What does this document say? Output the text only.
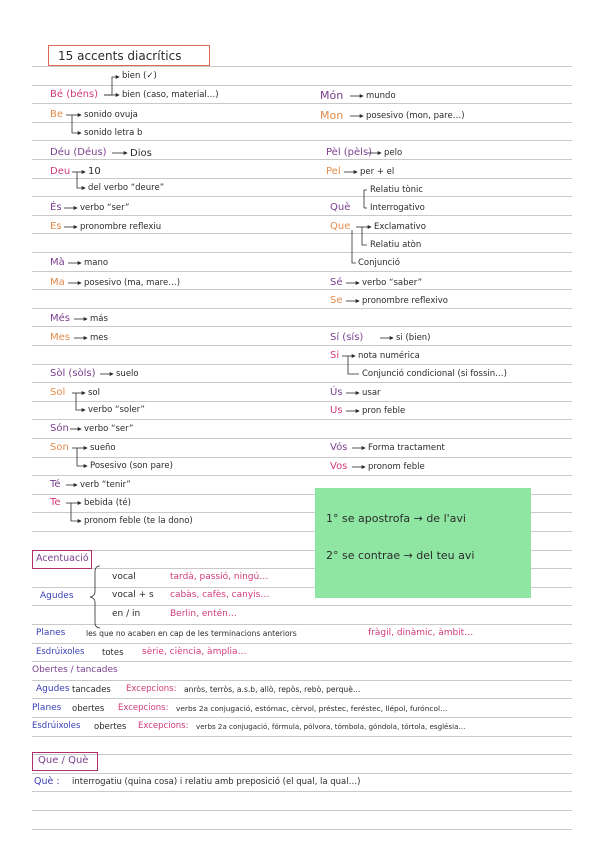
15 accents diacrítics
Bé (béns)	bien (caso, material…)
bien (✓)
Be sonido ovuja
sonido letra b
Déu (Déus) Dios
Deu 10
del verbo “deure”
És verbo “ser”
Es pronombre reflexiu
Mà mano
Ma posesivo (ma, mare…)
Més más
Mes mes
Sòl (sòls) suelo
Sol	sol
verbo “soler”
Són verbo “ser”
Son sueño
Posesivo (son pare)
Té verb “tenir”
Te	bebida (té)
pronom feble (te la dono)
Món	mundo
Mon	posesivo (mon, pare…)
Pèl (pèls) pelo
Pel per + el
Què
Relatiu tònic
Interrogativo
Que	Exclamativo
Relatiu atòn
Conjunció
Sé verbo “saber”
Se pronombre reflexivo
Sí (sís)	si (bien)
Si nota numérica
Conjunció condicional (si fossin…)
Ús usar
Us pron feble
Vós Forma tractament
Vos pronom feble
1° se apostrofa → de l'avi
2° se contrae → del teu avi
Acentuació
Agudes
vocal	tardà, passió, ningú…
vocal + s cabàs, cafès, canyis…
en / in	Berlin, entén…
Planes	les que no acaben en cap de les terminacions anteriors	fràgil, dinàmic, àmbit…
Esdrúixoles totes sèrie, ciència, àmplia…
Obertes / tancades
Agudes tancades Excepcions: anròs, terròs, a.s.b, allò, repòs, rebò, perquè…
Planes obertes Excepcions: verbs 2a conjugació, estómac, cèrvol, préstec, feréstec, llépol, furóncol…
Esdrúixoles obertes Excepcions: verbs 2a conjugació, fórmula, pólvora, tómbola, góndola, tórtola, església…
Que / Què
Què : interrogatiu (quina cosa) i relatiu amb preposició (el qual, la qual…)
